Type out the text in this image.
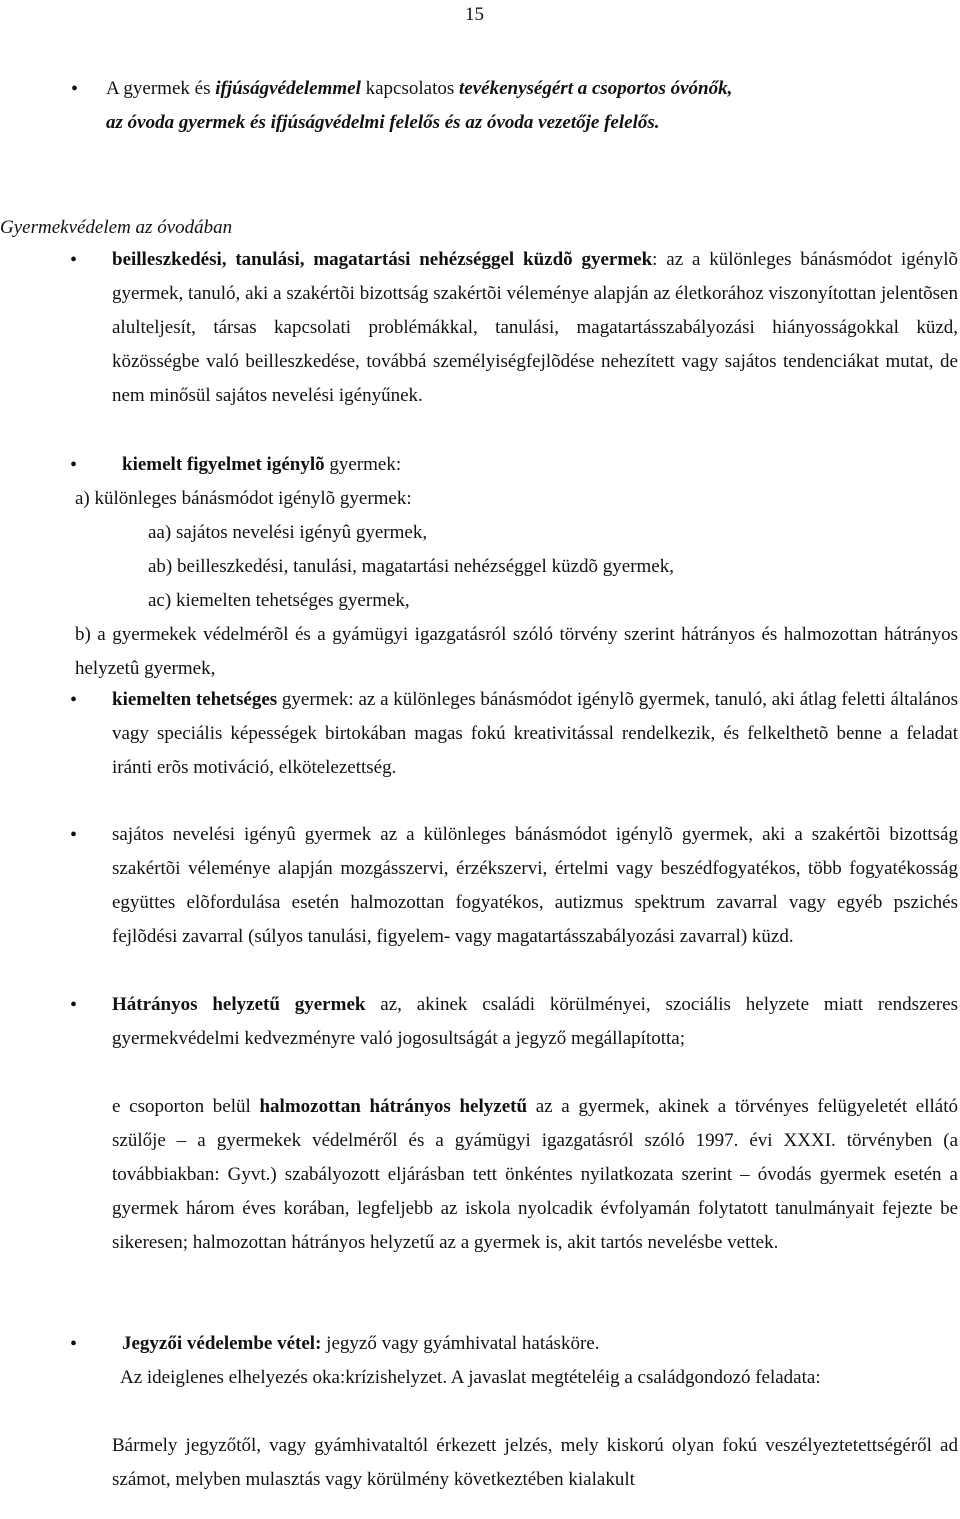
15
• A gyermek és ifjúságvédelemmel kapcsolatos tevékenységért a csoportos óvónők,
az óvoda gyermek és ifjúságvédelmi felelős és az óvoda vezetője felelős.
Gyermekvédelem az óvodában
• beilleszkedési, tanulási, magatartási nehézséggel küzdõ gyermek: az a különleges bánásmódot igénylõ gyermek, tanuló, aki a szakértõi bizottság szakértõi véleménye alapján az életkorához viszonyítottan jelentõsen alulteljesít, társas kapcsolati problémákkal, tanulási, magatartásszabályozási hiányosságokkal küzd, közösségbe való beilleszkedése, továbbá személyiségfejlõdése nehezített vagy sajátos tendenciákat mutat, de nem minősül sajátos nevelési igényűnek.
• kiemelt figyelmet igénylõ gyermek:
a) különleges bánásmódot igénylõ gyermek:
aa) sajátos nevelési igényû gyermek,
ab) beilleszkedési, tanulási, magatartási nehézséggel küzdõ gyermek,
ac) kiemelten tehetséges gyermek,
b) a gyermekek védelmérõl és a gyámügyi igazgatásról szóló törvény szerint hátrányos és halmozottan hátrányos helyzetû gyermek,
• kiemelten tehetséges gyermek: az a különleges bánásmódot igénylõ gyermek, tanuló, aki átlag feletti általános vagy speciális képességek birtokában magas fokú kreativitással rendelkezik, és felkelthetõ benne a feladat iránti erõs motiváció, elkötelezettség.
• sajátos nevelési igényû gyermek az a különleges bánásmódot igénylõ gyermek, aki a szakértõi bizottság szakértõi véleménye alapján mozgásszervi, érzékszervi, értelmi vagy beszédfogyatékos, több fogyatékosság együttes elõfordulása esetén halmozottan fogyatékos, autizmus spektrum zavarral vagy egyéb pszichés fejlõdési zavarral (súlyos tanulási, figyelem- vagy magatartásszabályozási zavarral) küzd.
• Hátrányos helyzetű gyermek az, akinek családi körülményei, szociális helyzete miatt rendszeres gyermekvédelmi kedvezményre való jogosultságát a jegyző megállapította;
e csoporton belül halmozottan hátrányos helyzetű az a gyermek, akinek a törvényes felügyeletét ellátó szülője – a gyermekek védelméről és a gyámügyi igazgatásról szóló 1997. évi XXXI. törvényben (a továbbiakban: Gyvt.) szabályozott eljárásban tett önkéntes nyilatkozata szerint – óvodás gyermek esetén a gyermek három éves korában, legfeljebb az iskola nyolcadik évfolyamán folytatott tanulmányait fejezte be sikeresen; halmozottan hátrányos helyzetű az a gyermek is, akit tartós nevelésbe vettek.
• Jegyzői védelembe vétel: jegyző vagy gyámhivatal hatásköre.
Az ideiglenes elhelyezés oka:krízishelyzet. A javaslat megtételéig a családgondozó feladata:
Bármely jegyzőtől, vagy gyámhivataltól érkezett jelzés, mely kiskorú olyan fokú veszélyeztetettségéről ad számot, melyben mulasztás vagy körülmény következtében kialakult
